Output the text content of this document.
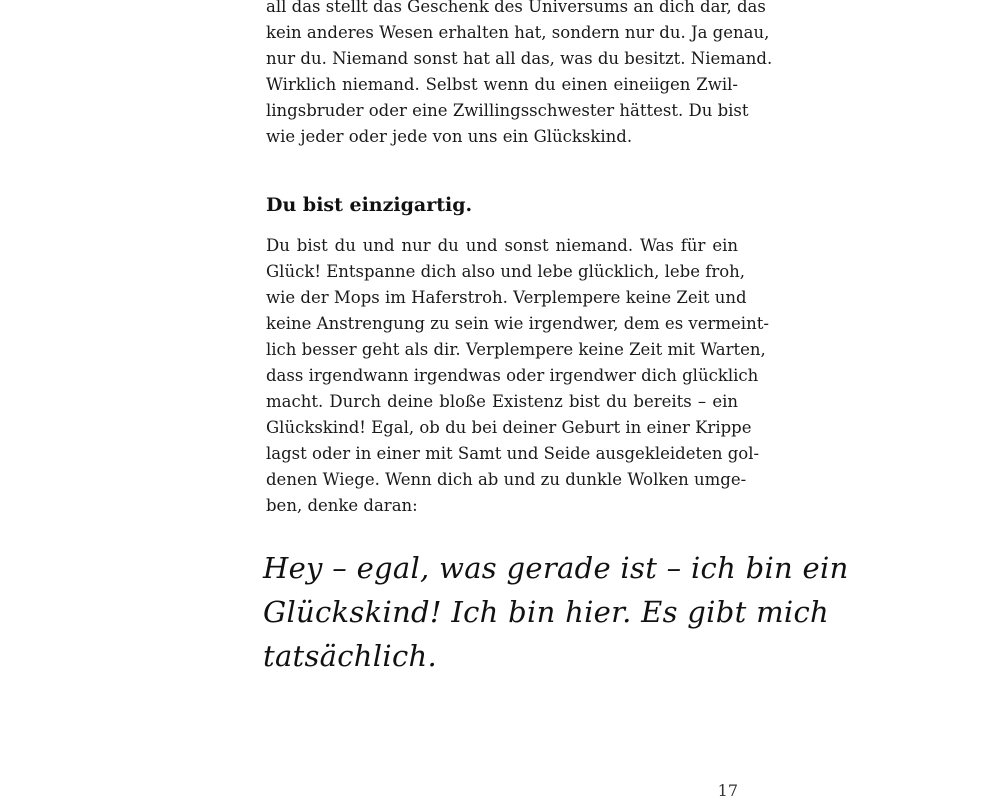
all das stellt das Geschenk des Universums an dich dar, das
kein anderes Wesen erhalten hat, sondern nur du. Ja genau,
nur du. Niemand sonst hat all das, was du besitzt. Niemand.
Wirklich niemand. Selbst wenn du einen eineiigen Zwil-
lingsbruder oder eine Zwillingsschwester hättest. Du bist
wie jeder oder jede von uns ein Glückskind.
Du bist einzigartig.
Du bist du und nur du und sonst niemand. Was für ein
Glück! Entspanne dich also und lebe glücklich, lebe froh,
wie der Mops im Haferstroh. Verplempere keine Zeit und
keine Anstrengung zu sein wie irgendwer, dem es vermeint-
lich besser geht als dir. Verplempere keine Zeit mit Warten,
dass irgendwann irgendwas oder irgendwer dich glücklich
macht. Durch deine bloße Existenz bist du bereits – ein
Glückskind! Egal, ob du bei deiner Geburt in einer Krippe
lagst oder in einer mit Samt und Seide ausgekleideten gol-
denen Wiege. Wenn dich ab und zu dunkle Wolken umge-
ben, denke daran:
Hey – egal, was gerade ist – ich bin ein
Glückskind! Ich bin hier. Es gibt mich
tatsächlich.
17
